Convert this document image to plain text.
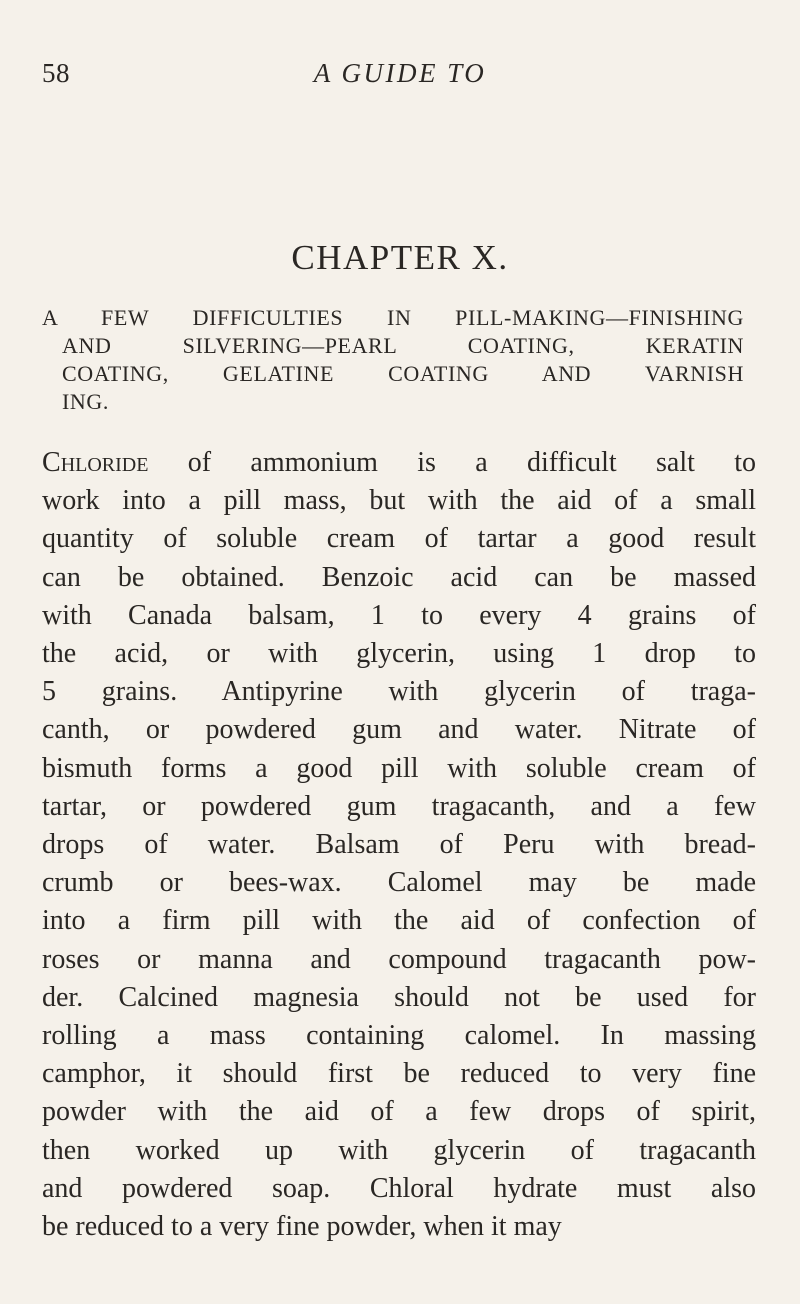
58	A GUIDE TO
CHAPTER X.
A FEW DIFFICULTIES IN PILL-MAKING—FINISHING
AND SILVERING—PEARL COATING, KERATIN
COATING, GELATINE COATING AND VARNISH
ING.
Chloride of ammonium is a difficult salt to
work into a pill mass, but with the aid of a small
quantity of soluble cream of tartar a good result
can be obtained. Benzoic acid can be massed
with Canada balsam, 1 to every 4 grains of
the acid, or with glycerin, using 1 drop to
5 grains. Antipyrine with glycerin of traga-
canth, or powdered gum and water. Nitrate of
bismuth forms a good pill with soluble cream of
tartar, or powdered gum tragacanth, and a few
drops of water. Balsam of Peru with bread-
crumb or bees-wax. Calomel may be made
into a firm pill with the aid of confection of
roses or manna and compound tragacanth pow-
der. Calcined magnesia should not be used for
rolling a mass containing calomel. In massing
camphor, it should first be reduced to very fine
powder with the aid of a few drops of spirit,
then worked up with glycerin of tragacanth
and powdered soap. Chloral hydrate must also
be reduced to a very fine powder, when it may
